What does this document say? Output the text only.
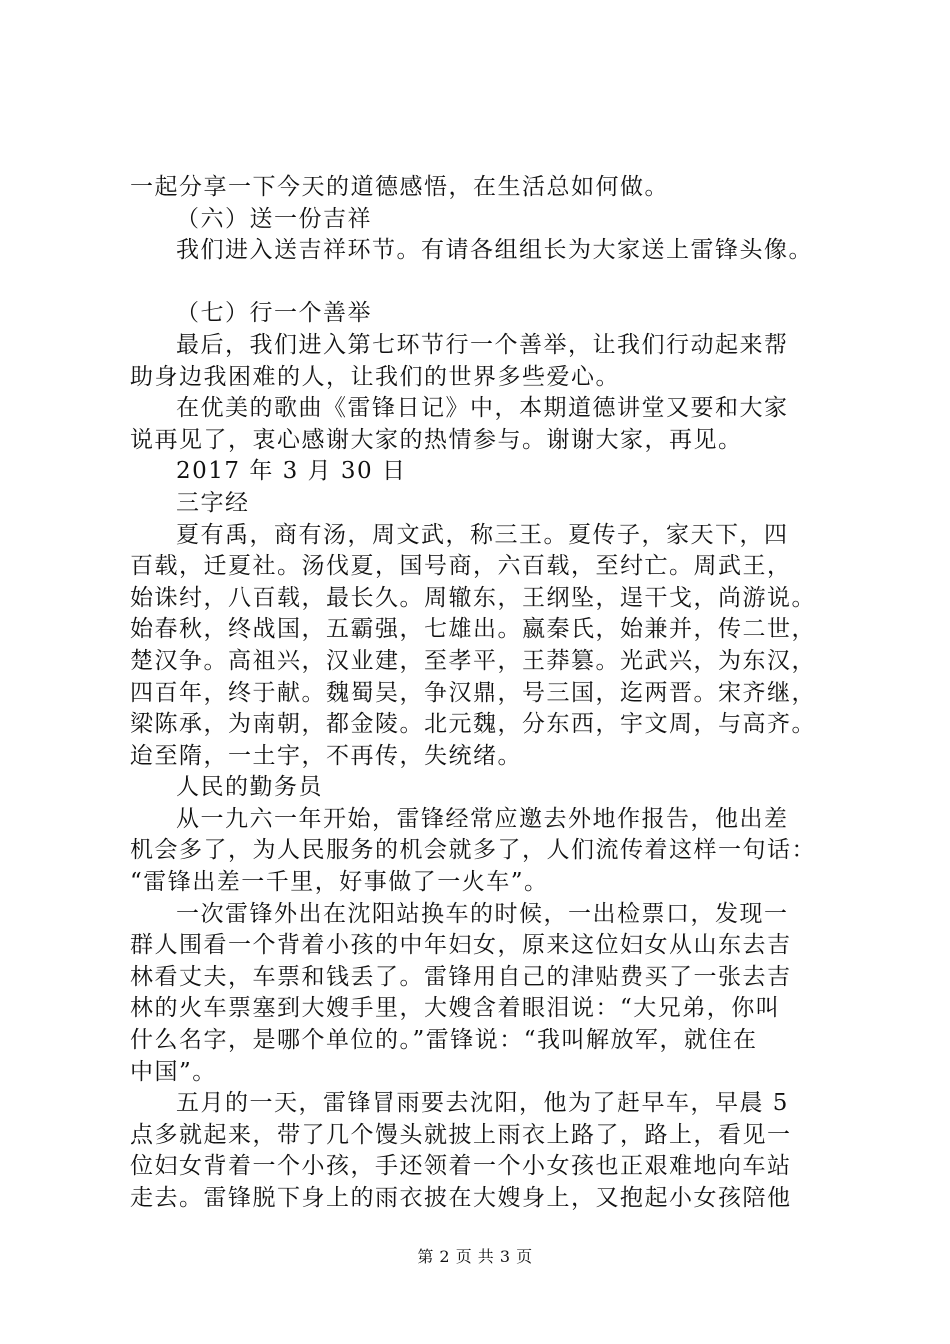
一起分享一下今天的道德感悟，在生活总如何做。
（六）送一份吉祥
我们进入送吉祥环节。有请各组组长为大家送上雷锋头像。
（七）行一个善举
最后，我们进入第七环节行一个善举，让我们行动起来帮
助身边我困难的人，让我们的世界多些爱心。
在优美的歌曲《雷锋日记》中，本期道德讲堂又要和大家
说再见了，衷心感谢大家的热情参与。谢谢大家，再见。
2017 年 3 月 30 日
三字经
夏有禹，商有汤，周文武，称三王。夏传子，家天下，四
百载，迁夏社。汤伐夏，国号商，六百载，至纣亡。周武王，
始诛纣，八百载，最长久。周辙东，王纲坠，逞干戈，尚游说。
始春秋，终战国，五霸强，七雄出。嬴秦氏，始兼并，传二世，
楚汉争。高祖兴，汉业建，至孝平，王莽篡。光武兴，为东汉，
四百年，终于献。魏蜀吴，争汉鼎，号三国，迄两晋。宋齐继，
梁陈承，为南朝，都金陵。北元魏，分东西，宇文周，与高齐。
迨至隋，一土宇，不再传，失统绪。
人民的勤务员
从一九六一年开始，雷锋经常应邀去外地作报告，他出差
机会多了，为人民服务的机会就多了，人们流传着这样一句话：
“雷锋出差一千里，好事做了一火车”。
一次雷锋外出在沈阳站换车的时候，一出检票口，发现一
群人围看一个背着小孩的中年妇女，原来这位妇女从山东去吉
林看丈夫，车票和钱丢了。雷锋用自己的津贴费买了一张去吉
林的火车票塞到大嫂手里，大嫂含着眼泪说：“大兄弟，你叫
什么名字，是哪个单位的。”雷锋说：“我叫解放军，就住在
中国”。
五月的一天，雷锋冒雨要去沈阳，他为了赶早车，早晨 5
点多就起来，带了几个馒头就披上雨衣上路了，路上，看见一
位妇女背着一个小孩，手还领着一个小女孩也正艰难地向车站
走去。雷锋脱下身上的雨衣披在大嫂身上，又抱起小女孩陪他
第 2 页 共 3 页
